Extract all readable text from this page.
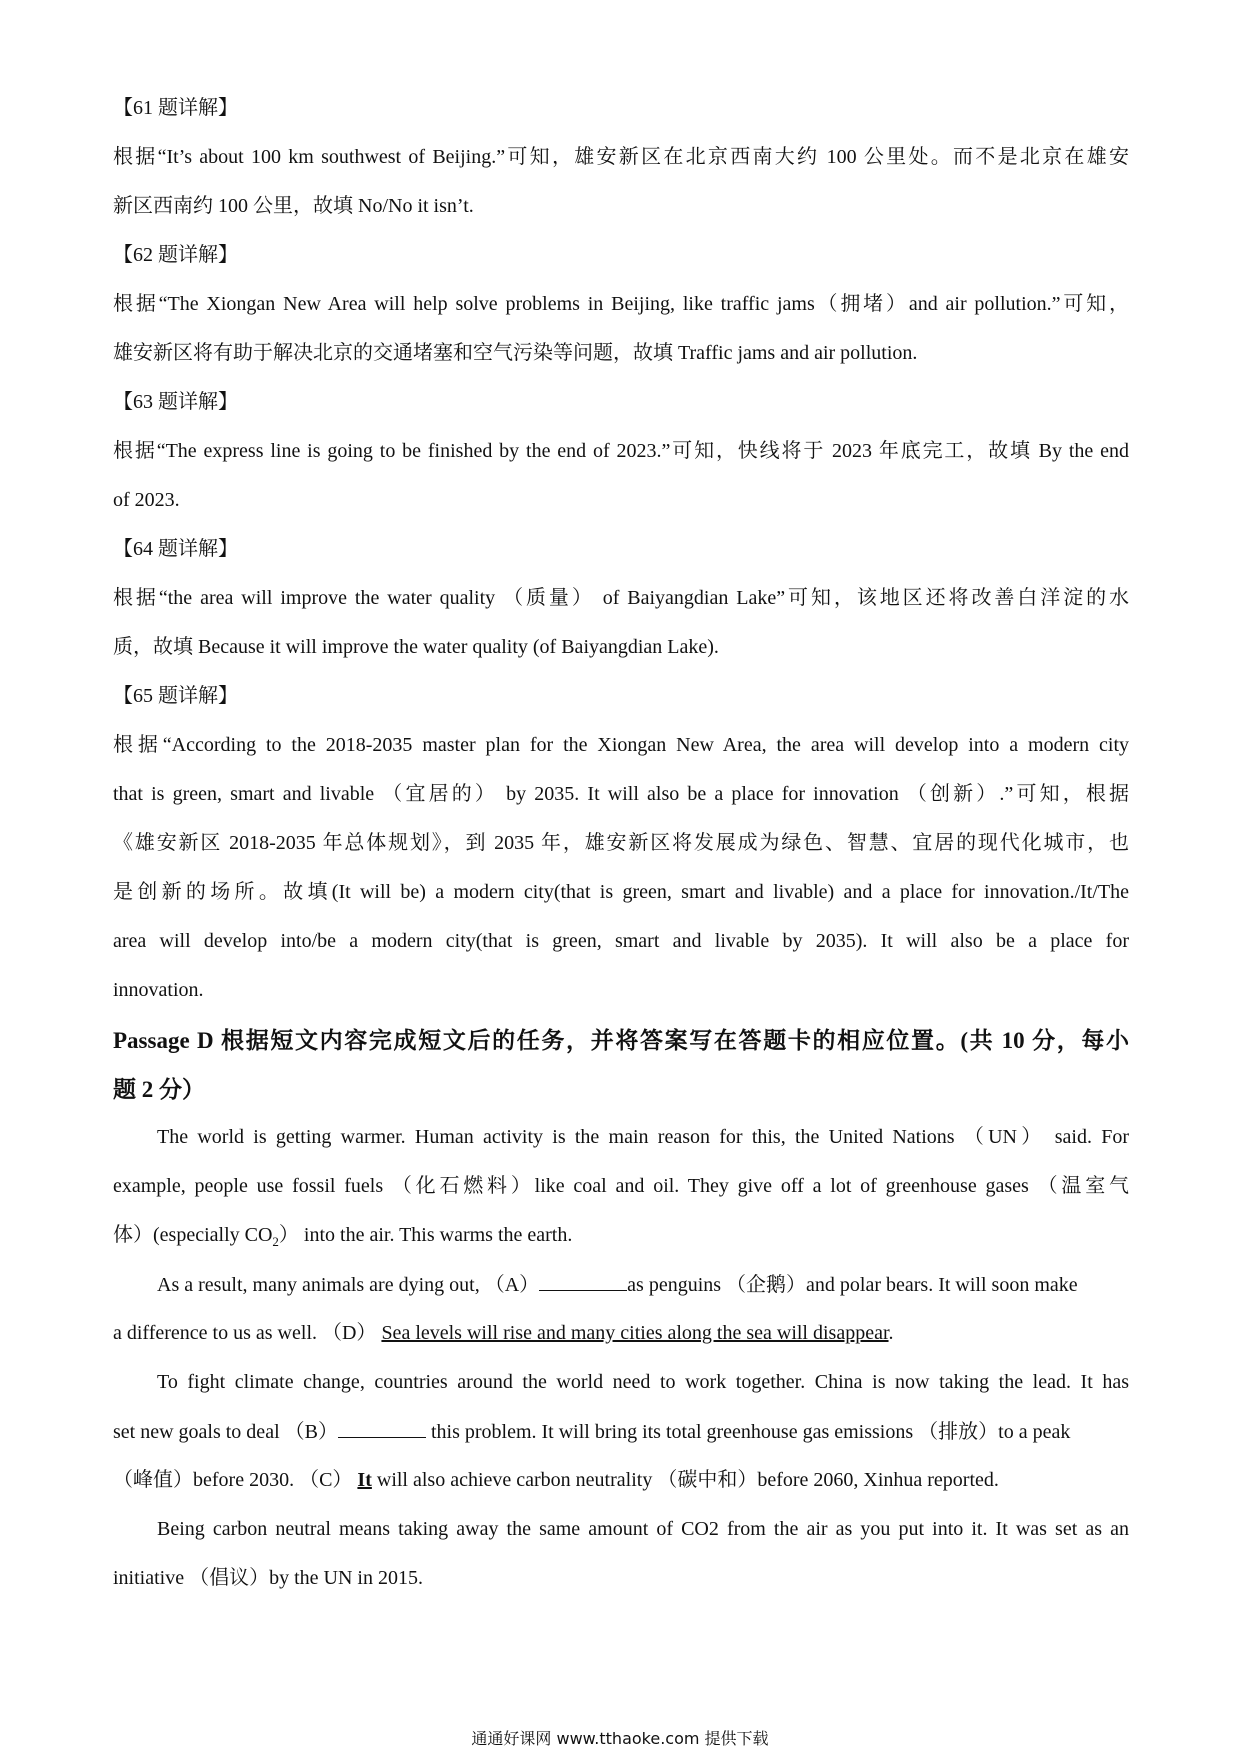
【61 题详解】
根据“It’s about 100 km southwest of Beijing.”可知，雄安新区在北京西南大约 100 公里处。而不是北京在雄安
新区西南约 100 公里，故填 No/No it isn’t.
【62 题详解】
根据“The Xiongan New Area will help solve problems in Beijing, like traffic jams（拥堵）and air pollution.”可知，
雄安新区将有助于解决北京的交通堵塞和空气污染等问题，故填 Traffic jams and air pollution.
【63 题详解】
根据“The express line is going to be finished by the end of 2023.”可知，快线将于 2023 年底完工，故填 By the end
of 2023.
【64 题详解】
根据“the area will improve the water quality （质量） of Baiyangdian Lake”可知，该地区还将改善白洋淀的水
质，故填 Because it will improve the water quality (of Baiyangdian Lake).
【65 题详解】
根据“According to the 2018-2035 master plan for the Xiongan New Area, the area will develop into a modern city
that is green, smart and livable （宜居的） by 2035. It will also be a place for innovation （创新）.”可知，根据
《雄安新区 2018-2035 年总体规划》，到 2035 年，雄安新区将发展成为绿色、智慧、宜居的现代化城市，也
是创新的场所。故填(It will be) a modern city(that is green, smart and livable) and a place for innovation./It/The
area will develop into/be a modern city(that is green, smart and livable by 2035). It will also be a place for
innovation.
Passage D 根据短文内容完成短文后的任务，并将答案写在答题卡的相应位置。(共 10 分，每小
题 2 分）
The world is getting warmer. Human activity is the main reason for this, the United Nations （UN） said. For
example, people use fossil fuels （化石燃料）like coal and oil. They give off a lot of greenhouse gases （温室气
体）(especially $CO_2$） into the air. This warms the earth.
As a result, many animals are dying out, （A）	as penguins （企鹅）and polar bears. It will soon make
a difference to us as well. （D） Sea levels will rise and many cities along the sea will disappear.
To fight climate change, countries around the world need to work together. China is now taking the lead. It has
set new goals to deal （B）	this problem. It will bring its total greenhouse gas emissions （排放）to a peak
（峰值）before 2030. （C） It will also achieve carbon neutrality （碳中和）before 2060, Xinhua reported.
Being carbon neutral means taking away the same amount of CO2 from the air as you put into it. It was set as an
initiative （倡议）by the UN in 2015.
通通好课网 www.tthaoke.com 提供下载
